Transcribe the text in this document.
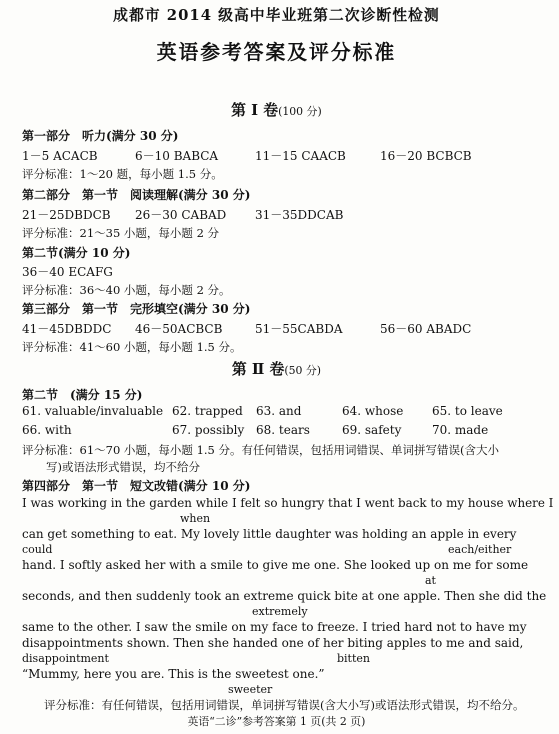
成都市 2014 级高中毕业班第二次诊断性检测
英语参考答案及评分标准
第 Ⅰ 卷(100 分)
第一部分　听力(满分 30 分)
1－5 ACACB	6－10 BABCA	11－15 CAACB	16－20 BCBCB
评分标准：1～20 题，每小题 1.5 分。
第二部分　第一节　阅读理解(满分 30 分)
21－25DBDCB 26－30 CABAD 31－35DDCAB
评分标准：21～35 小题，每小题 2 分
第二节(满分 10 分)
36－40 ECAFG
评分标准：36～40 小题，每小题 2 分。
第三部分　第一节　完形填空(满分 30 分)
41－45DBDDC 46－50ACBCB	51－55CABDA	56－60 ABADC
评分标准：41～60 小题，每小题 1.5 分。
第 Ⅱ 卷(50 分)
第二节　(满分 15 分)
61. valuable/invaluable 62. trapped 63. and	64. whose 65. to leave
66. with	67. possibly 68. tears	69. safety	70. made
评分标准：61～70 小题，每小题 1.5 分。有任何错误，包括用词错误、单词拼写错误(含大小
写)或语法形式错误，均不给分
第四部分　第一节　短文改错(满分 10 分)
I was working in the garden while I felt so hungry that I went back to my house where I
when
can get something to eat. My lovely little daughter was holding an apple in every
could	each/either
hand. I softly asked her with a smile to give me one. She looked up on me for some
at
seconds, and then suddenly took an extreme quick bite at one apple. Then she did the
extremely
same to the other. I saw the smile on my face to freeze. I tried hard not to have my
disappointments shown. Then she handed one of her biting apples to me and said,
disappointment	bitten
“Mummy, here you are. This is the sweetest one.”
sweeter
评分标准：有任何错误，包括用词错误，单词拼写错误(含大小写)或语法形式错误，均不给分。
英语“二诊”参考答案第 1 页(共 2 页)
